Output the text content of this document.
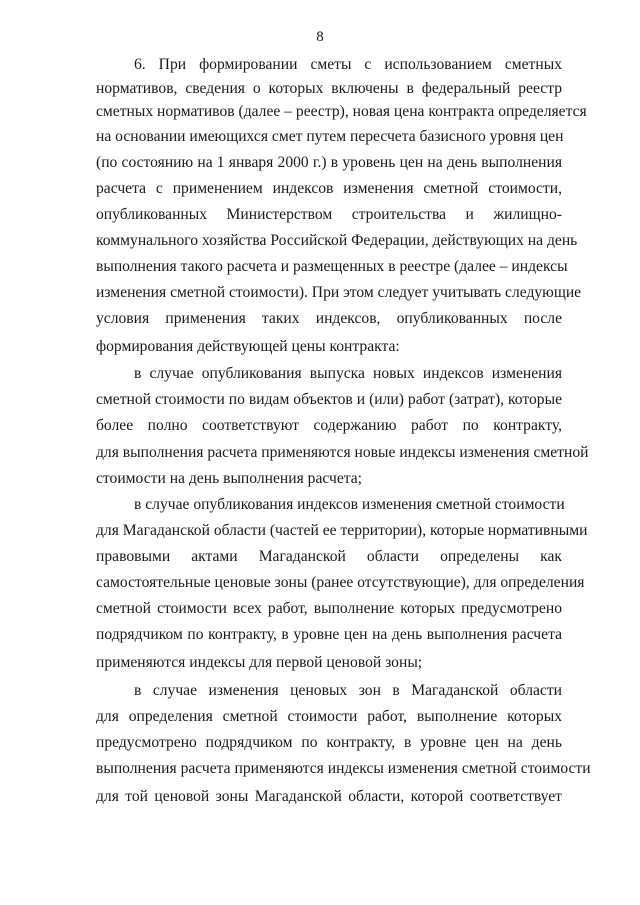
8
6. При формировании сметы с использованием сметных
нормативов, сведения о которых включены в федеральный реестр
сметных нормативов (далее – реестр), новая цена контракта определяется
на основании имеющихся смет путем пересчета базисного уровня цен
(по состоянию на 1 января 2000 г.) в уровень цен на день выполнения
расчета с применением индексов изменения сметной стоимости,
опубликованных Министерством строительства и жилищно-
коммунального хозяйства Российской Федерации, действующих на день
выполнения такого расчета и размещенных в реестре (далее – индексы
изменения сметной стоимости). При этом следует учитывать следующие
условия применения таких индексов, опубликованных после
формирования действующей цены контракта:
в случае опубликования выпуска новых индексов изменения
сметной стоимости по видам объектов и (или) работ (затрат), которые
более полно соответствуют содержанию работ по контракту,
для выполнения расчета применяются новые индексы изменения сметной
стоимости на день выполнения расчета;
в случае опубликования индексов изменения сметной стоимости
для Магаданской области (частей ее территории), которые нормативными
правовыми актами Магаданской области определены как
самостоятельные ценовые зоны (ранее отсутствующие), для определения
сметной стоимости всех работ, выполнение которых предусмотрено
подрядчиком по контракту, в уровне цен на день выполнения расчета
применяются индексы для первой ценовой зоны;
в случае изменения ценовых зон в Магаданской области
для определения сметной стоимости работ, выполнение которых
предусмотрено подрядчиком по контракту, в уровне цен на день
выполнения расчета применяются индексы изменения сметной стоимости
для той ценовой зоны Магаданской области, которой соответствует
